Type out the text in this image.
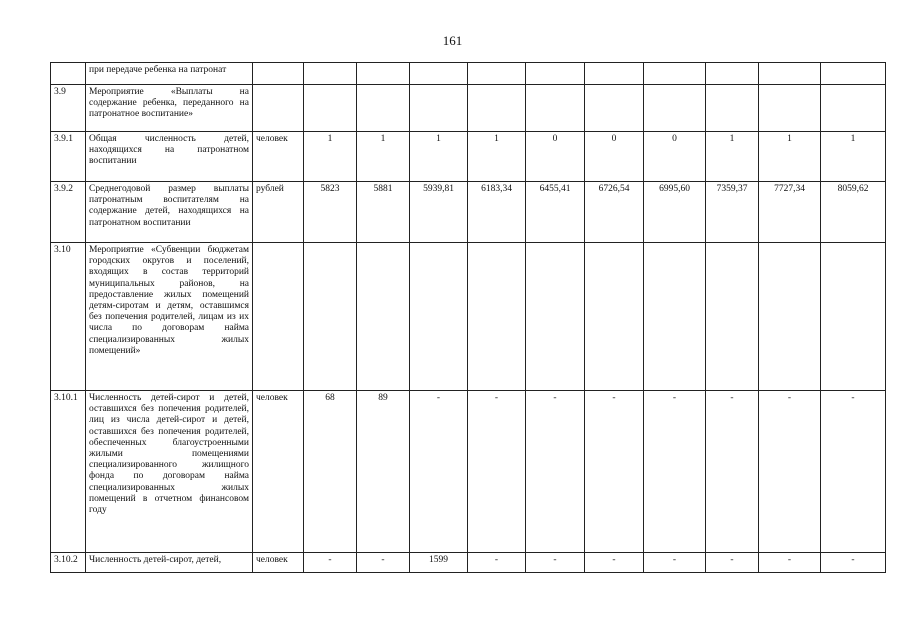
161
	при передаче ребенка на патронат											
3.9	Мероприятие «Выплаты на содержание ребенка, переданного на патронатное воспитание»											
3.9.1	Общая численность детей, находящихся на патронатном воспитании	человек	1	1	1	1	0	0	0	1	1	1
3.9.2	Среднегодовой размер выплаты патронатным воспитателям на содержание детей, находящихся на патронатном воспитании	рублей	5823	5881	5939,81	6183,34	6455,41	6726,54	6995,60	7359,37	7727,34	8059,62
3.10	Мероприятие «Субвенции бюджетам городских округов и поселений, входящих в состав территорий муниципальных районов, на предоставление жилых помещений детям-сиротам и детям, оставшимся без попечения родителей, лицам из их числа по договорам найма специализированных жилых помещений»											
3.10.1	Численность детей-сирот и детей, оставшихся без попечения родителей, лиц из числа детей-сирот и детей, оставшихся без попечения родителей, обеспеченных благоустроенными жилыми помещениями специализированного жилищного фонда по договорам найма специализированных жилых помещений в отчетном финансовом году	человек	68	89	-	-	-	-	-	-	-	-
3.10.2	Численность детей-сирот, детей,	человек	-	-	1599	-	-	-	-	-	-	-
